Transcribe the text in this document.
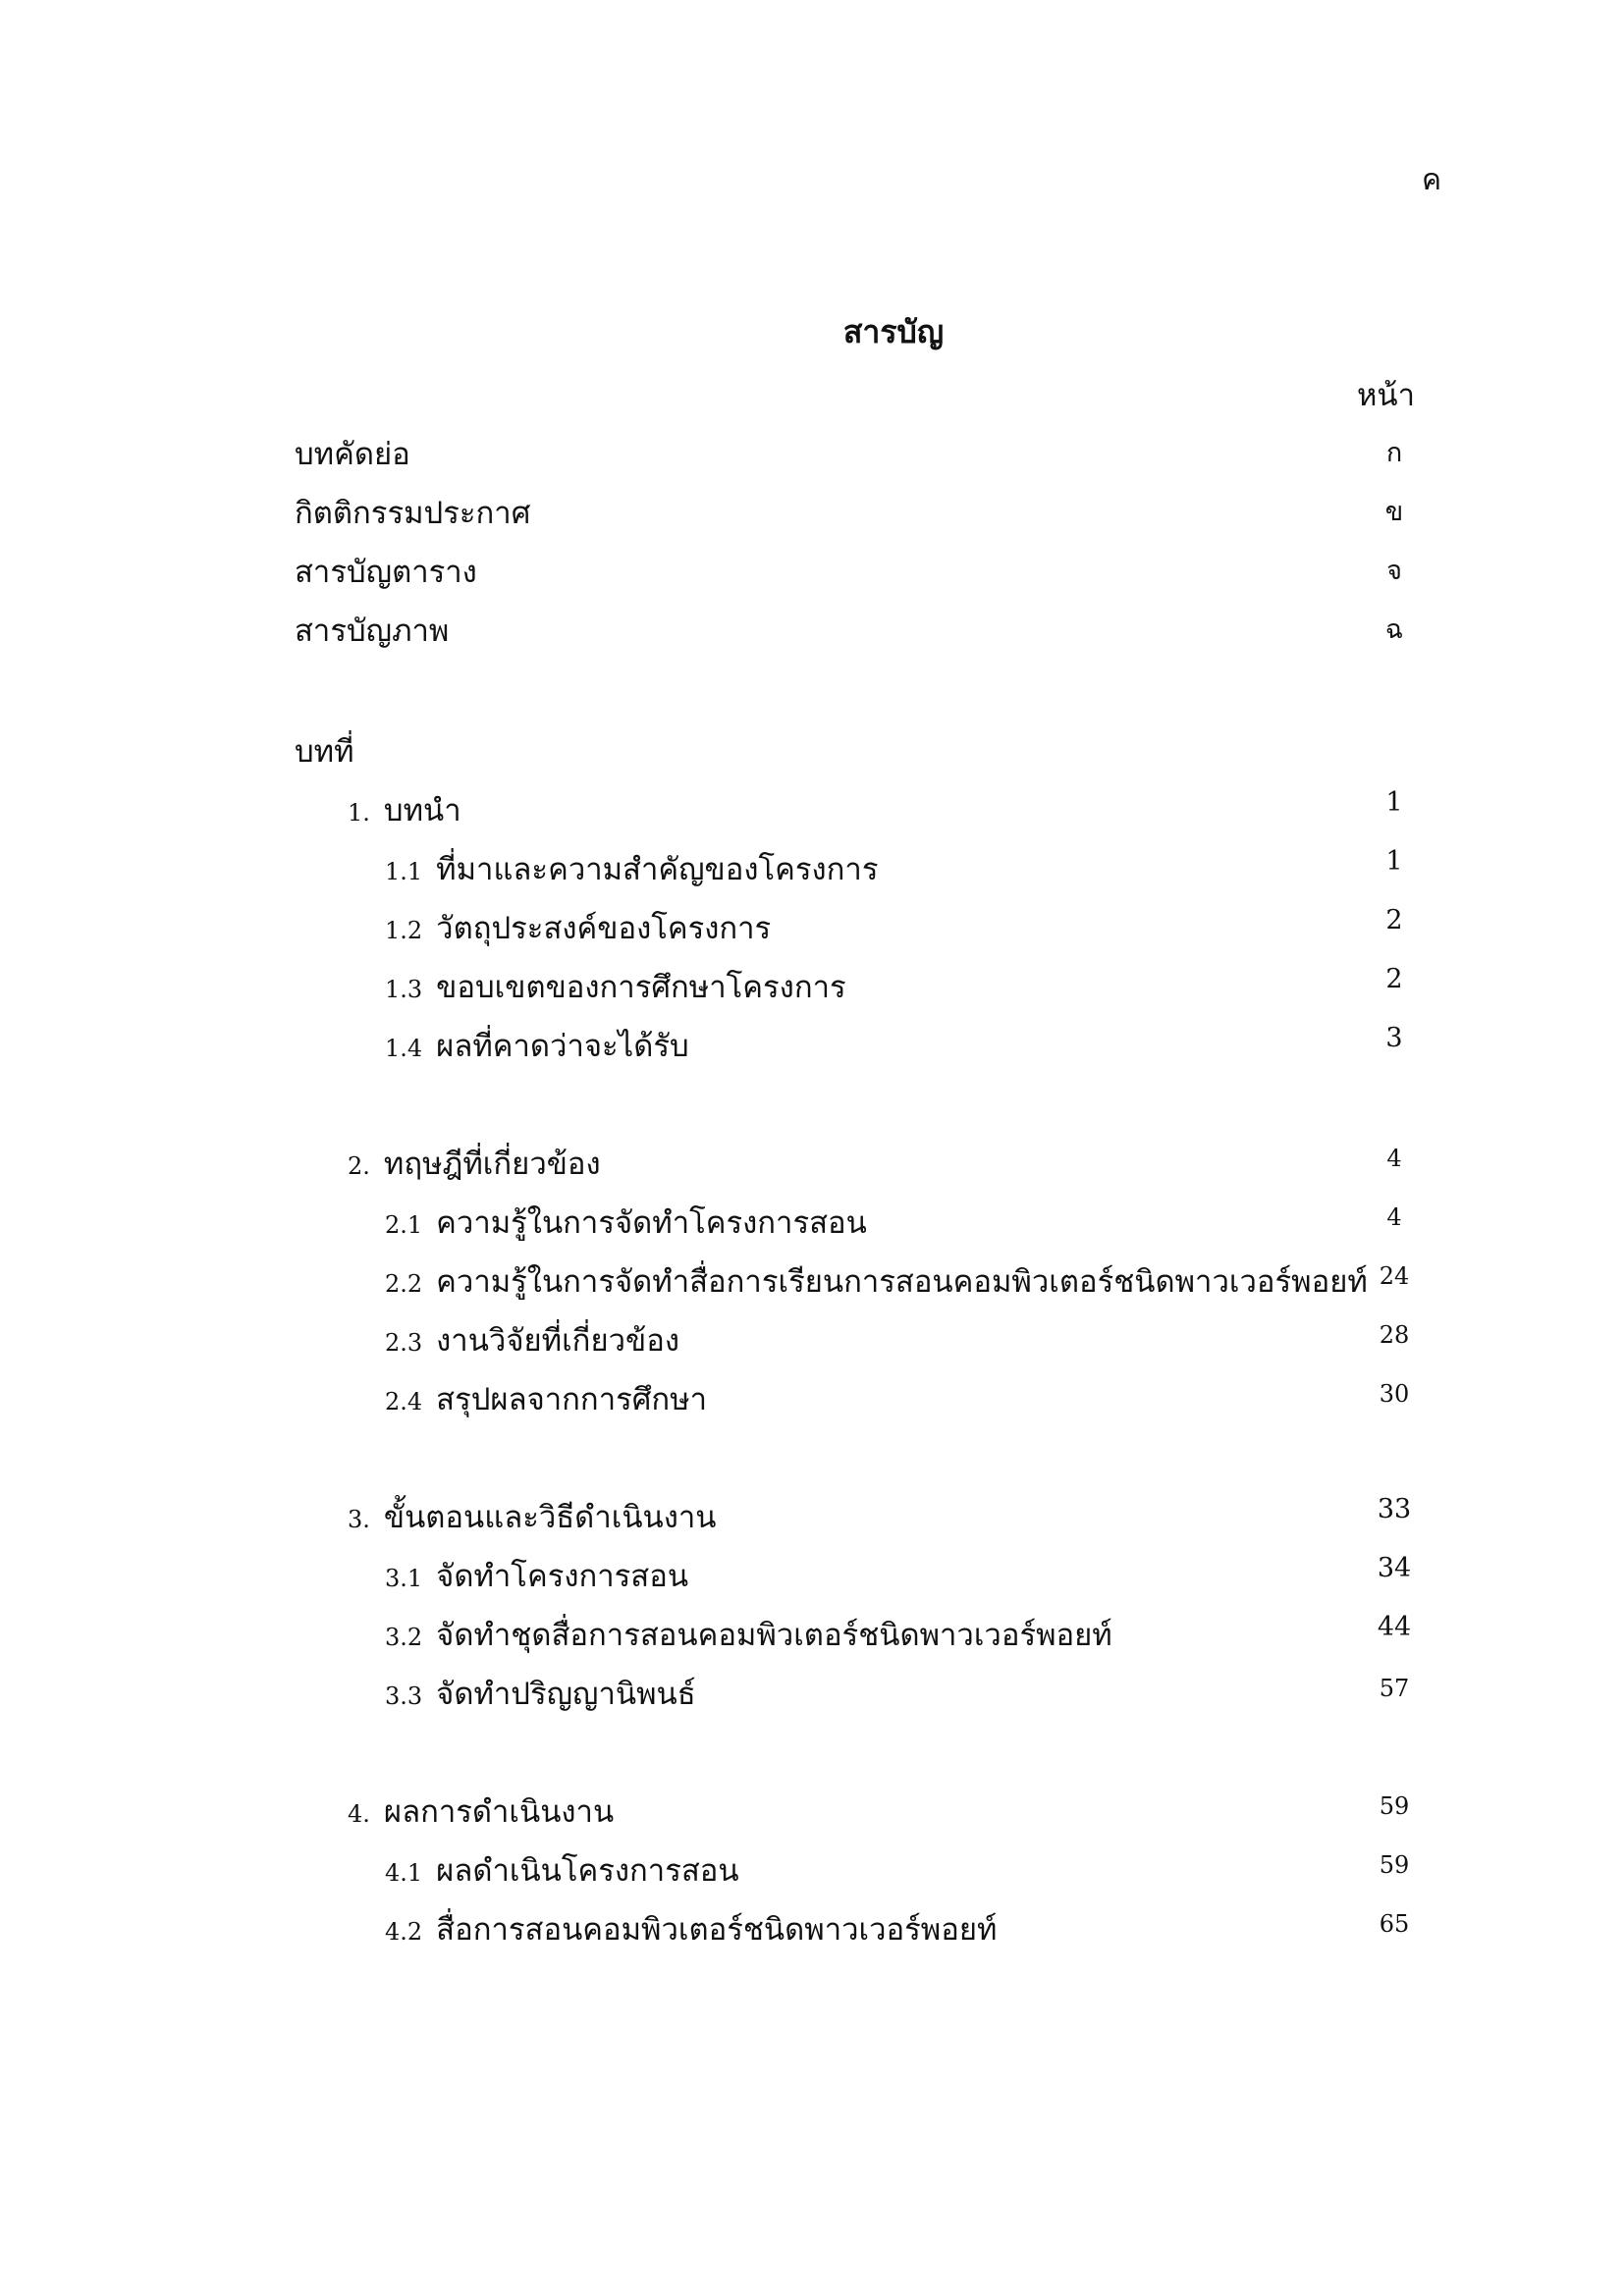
ค
สารบัญ
หน้า
บทคัดย่อ	ก
กิตติกรรมประกาศ	ข
สารบัญตาราง	จ
สารบัญภาพ	ฉ
บทที่
1. บทนำ	1
1.1 ที่มาและความสำคัญของโครงการ	1
1.2 วัตถุประสงค์ของโครงการ	2
1.3 ขอบเขตของการศึกษาโครงการ	2
1.4 ผลที่คาดว่าจะได้รับ	3
2. ทฤษฎีที่เกี่ยวข้อง	4
2.1 ความรู้ในการจัดทำโครงการสอน	4
2.2 ความรู้ในการจัดทำสื่อการเรียนการสอนคอมพิวเตอร์ชนิดพาวเวอร์พอยท์ 24
2.3 งานวิจัยที่เกี่ยวข้อง	28
2.4 สรุปผลจากการศึกษา	30
3. ขั้นตอนและวิธีดำเนินงาน	33
3.1 จัดทำโครงการสอน	34
3.2 จัดทำชุดสื่อการสอนคอมพิวเตอร์ชนิดพาวเวอร์พอยท์	44
3.3 จัดทำปริญญานิพนธ์	57
4. ผลการดำเนินงาน	59
4.1 ผลดำเนินโครงการสอน	59
4.2 สื่อการสอนคอมพิวเตอร์ชนิดพาวเวอร์พอยท์	65
